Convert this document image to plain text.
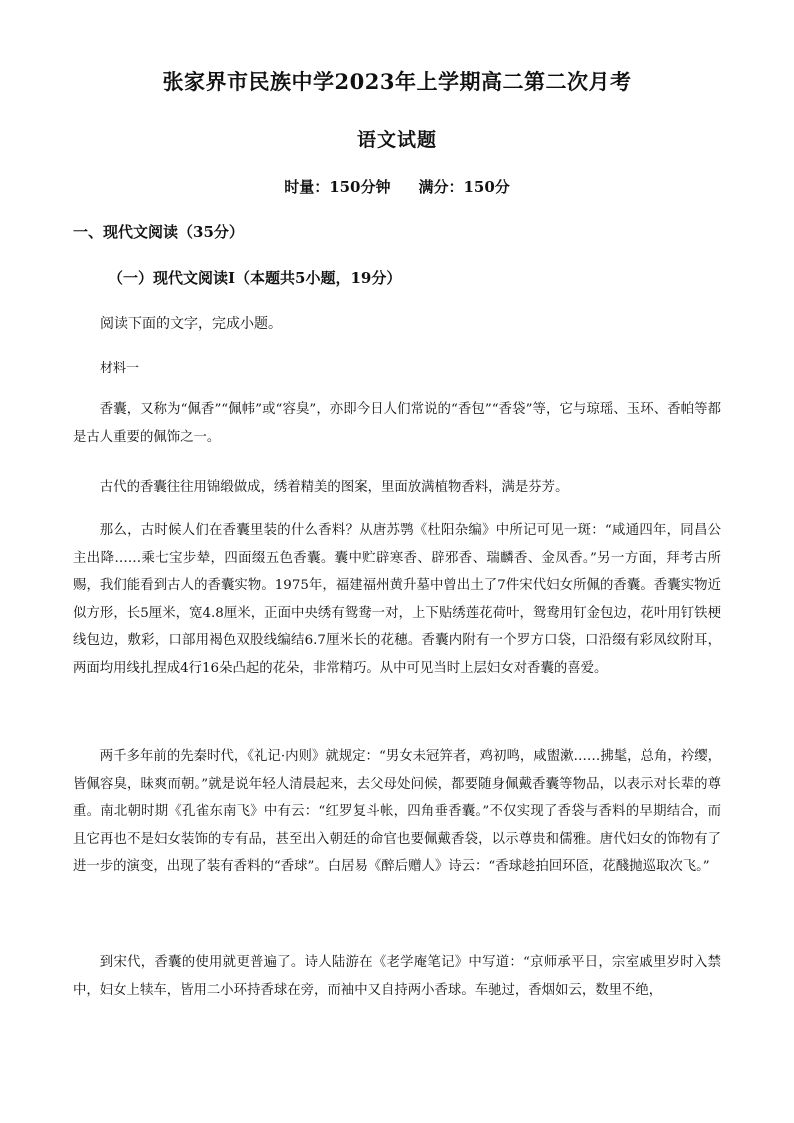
张家界市民族中学2023年上学期高二第二次月考
语文试题
时量：150分钟 满分：150分
一、现代文阅读（35分）
（一）现代文阅读Ⅰ（本题共5小题，19分）
阅读下面的文字，完成小题。
材料一

香囊，又称为“佩香”“佩帏”或“容臭”，亦即今日人们常说的“香包”“香袋”等，它与琼瑶、玉环、香帕等都是古人重要的佩饰之一。

古代的香囊往往用锦缎做成，绣着精美的图案，里面放满植物香料，满是芬芳。

那么，古时候人们在香囊里装的什么香料？从唐苏鹗《杜阳杂编》中所记可见一斑：“咸通四年，同昌公主出降……乘七宝步辇，四面缀五色香囊。囊中贮辟寒香、辟邪香、瑞麟香、金凤香。”另一方面，拜考古所赐，我们能看到古人的香囊实物。1975年，福建福州黄升墓中曾出土了7件宋代妇女所佩的香囊。香囊实物近似方形，长5厘米，宽4.8厘米，正面中央绣有鸳鸯一对，上下贴绣莲花荷叶，鸳鸯用钉金包边，花叶用钉铁梗线包边，敷彩，口部用褐色双股线编结6.7厘米长的花穗。香囊内附有一个罗方口袋，口沿缀有彩凤纹附耳，两面均用线扎捏成4行16朵凸起的花朵，非常精巧。从中可见当时上层妇女对香囊的喜爱。

两千多年前的先秦时代，《礼记·内则》就规定：“男女未冠笄者，鸡初鸣，咸盥漱……拂髦，总角，衿缨，皆佩容臭，昧爽而朝。”就是说年轻人清晨起来，去父母处问候，都要随身佩戴香囊等物品，以表示对长辈的尊重。南北朝时期《孔雀东南飞》中有云：“红罗复斗帐，四角垂香囊。”不仅实现了香袋与香料的早期结合，而且它再也不是妇女装饰的专有品，甚至出入朝廷的命官也要佩戴香袋，以示尊贵和儒雅。唐代妇女的饰物有了进一步的演变，出现了装有香料的“香球”。白居易《醉后赠人》诗云：“香球趁拍回环匼，花醆抛巡取次飞。”

到宋代，香囊的使用就更普遍了。诗人陆游在《老学庵笔记》中写道：“京师承平日，宗室戚里岁时入禁中，妇女上犊车，皆用二小环持香球在旁，而袖中又自持两小香球。车驰过，香烟如云，数里不绝，
